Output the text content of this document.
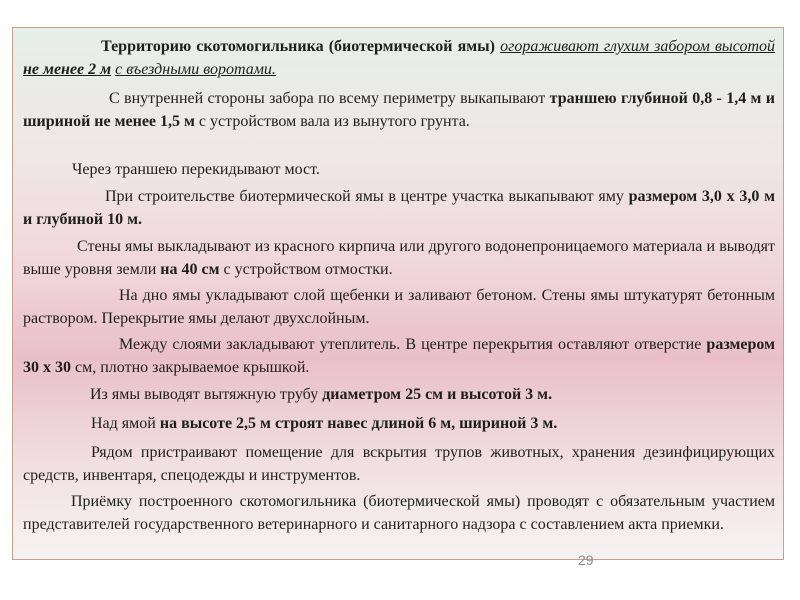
Территорию скотомогильника (биотермической ямы) огораживают глухим забором высотой не менее 2 м с въездными воротами.
С внутренней стороны забора по всему периметру выкапывают траншею глубиной 0,8 - 1,4 м и шириной не менее 1,5 м с устройством вала из вынутого грунта.
Через траншею перекидывают мост.
При строительстве биотермической ямы в центре участка выкапывают яму размером 3,0 х 3,0 м и глубиной 10 м.
Стены ямы выкладывают из красного кирпича или другого водонепроницаемого материала и выводят выше уровня земли на 40 см с устройством отмостки.
На дно ямы укладывают слой щебенки и заливают бетоном. Стены ямы штукатурят бетонным раствором. Перекрытие ямы делают двухслойным.
Между слоями закладывают утеплитель. В центре перекрытия оставляют отверстие размером 30 х 30 см, плотно закрываемое крышкой.
Из ямы выводят вытяжную трубу диаметром 25 см и высотой 3 м.
Над ямой на высоте 2,5 м строят навес длиной 6 м, шириной 3 м.
Рядом пристраивают помещение для вскрытия трупов животных, хранения дезинфицирующих средств, инвентаря, спецодежды и инструментов.
Приёмку построенного скотомогильника (биотермической ямы) проводят с обязательным участием представителей государственного ветеринарного и санитарного надзора с составлением акта приемки.
29
